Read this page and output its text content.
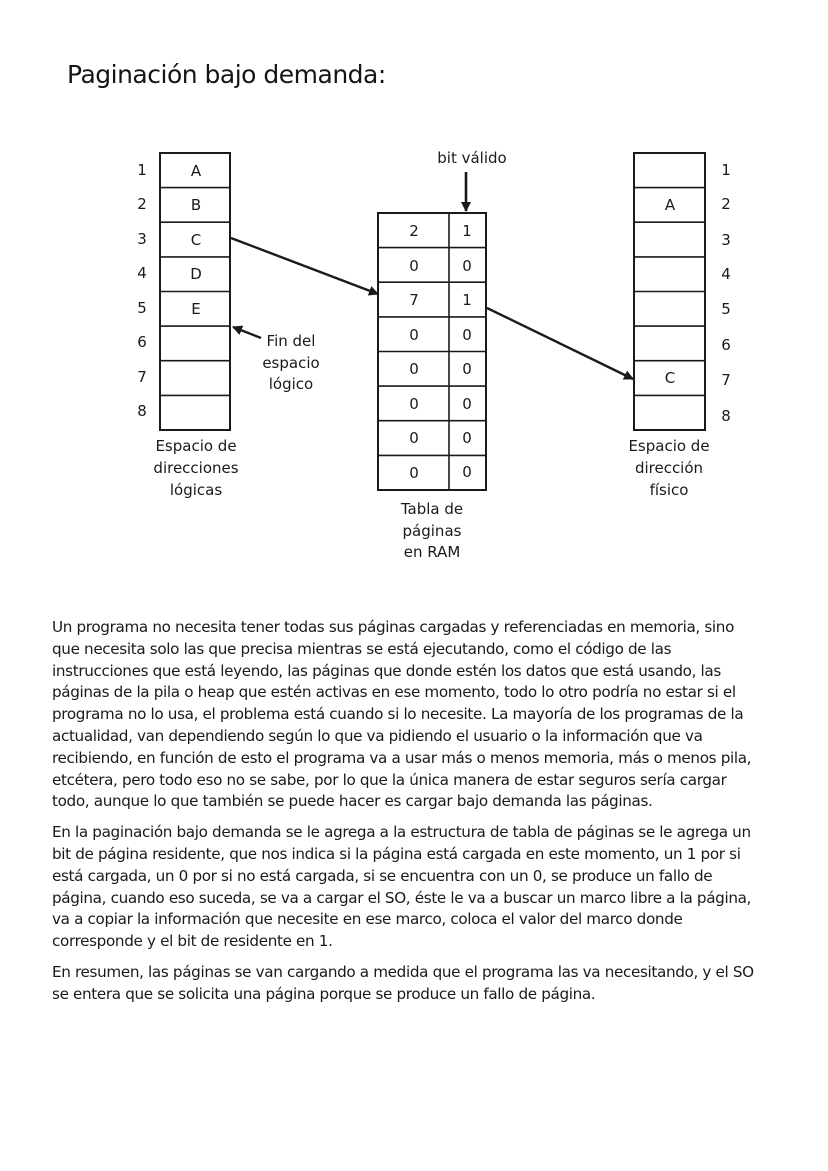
Paginación bajo demanda:
A
B
C
D
E
1
2
3
4
5
6
7
8
Espacio de
direcciones
lógicas
Fin del
espacio
lógico
bit válido
2
0
7
0
0
0
0
0
1
0
1
0
0
0
0
0
Tabla de
páginas
en RAM
A
C
1
2
3
4
5
6
7
8
Espacio de
dirección
físico

Un programa no necesita tener todas sus páginas cargadas y referenciadas en memoria, sino que necesita solo las que precisa mientras se está ejecutando, como el código de las instrucciones que está leyendo, las páginas que donde estén los datos que está usando, las páginas de la pila o heap que estén activas en ese momento, todo lo otro podría no estar si el programa no lo usa, el problema está cuando si lo necesite. La mayoría de los programas de la actualidad, van dependiendo según lo que va pidiendo el usuario o la información que va recibiendo, en función de esto el programa va a usar más o menos memoria, más o menos pila, etcétera, pero todo eso no se sabe, por lo que la única manera de estar seguros sería cargar todo, aunque lo que también se puede hacer es cargar bajo demanda las páginas.

En la paginación bajo demanda se le agrega a la estructura de tabla de páginas se le agrega un bit de página residente, que nos indica si la página está cargada en este momento, un 1 por si está cargada, un 0 por si no está cargada, si se encuentra con un 0, se produce un fallo de página, cuando eso suceda, se va a cargar el SO, éste le va a buscar un marco libre a la página, va a copiar la información que necesite en ese marco, coloca el valor del marco donde corresponde y el bit de residente en 1.

En resumen, las páginas se van cargando a medida que el programa las va necesitando, y el SO se entera que se solicita una página porque se produce un fallo de página.
